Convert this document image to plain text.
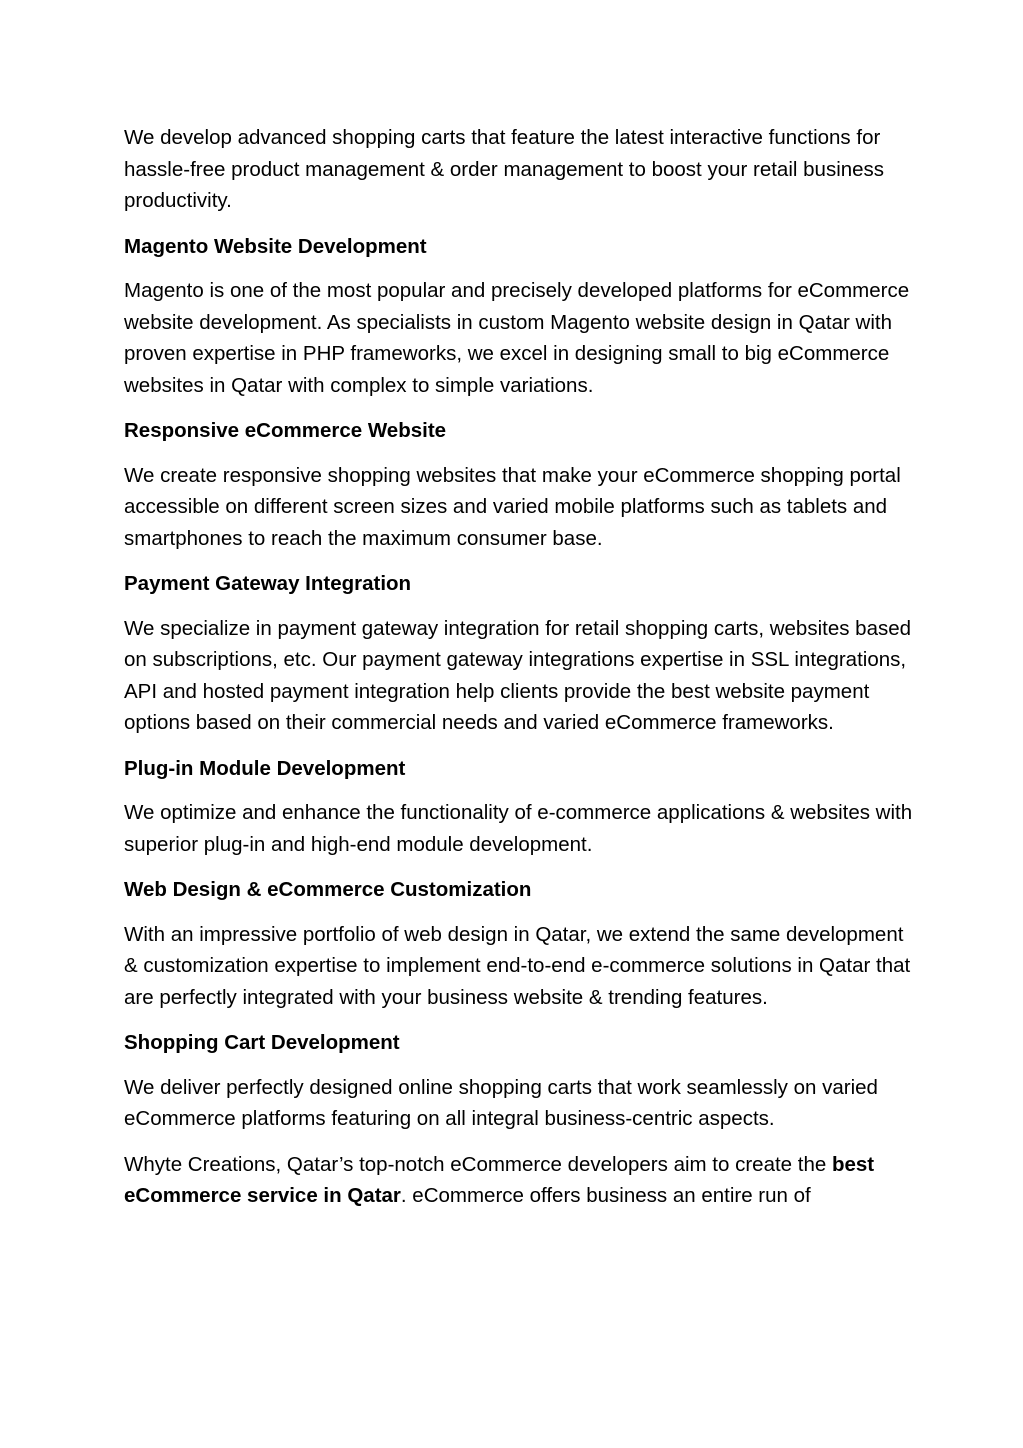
We develop advanced shopping carts that feature the latest interactive functions for hassle-free product management & order management to boost your retail business productivity.

Magento Website Development

Magento is one of the most popular and precisely developed platforms for eCommerce website development. As specialists in custom Magento website design in Qatar with proven expertise in PHP frameworks, we excel in designing small to big eCommerce websites in Qatar with complex to simple variations.

Responsive eCommerce Website

We create responsive shopping websites that make your eCommerce shopping portal accessible on different screen sizes and varied mobile platforms such as tablets and smartphones to reach the maximum consumer base.

Payment Gateway Integration

We specialize in payment gateway integration for retail shopping carts, websites based on subscriptions, etc. Our payment gateway integrations expertise in SSL integrations, API and hosted payment integration help clients provide the best website payment options based on their commercial needs and varied eCommerce frameworks.

Plug-in Module Development

We optimize and enhance the functionality of e-commerce applications & websites with superior plug-in and high-end module development.

Web Design & eCommerce Customization

With an impressive portfolio of web design in Qatar, we extend the same development & customization expertise to implement end-to-end e-commerce solutions in Qatar that are perfectly integrated with your business website & trending features.

Shopping Cart Development

We deliver perfectly designed online shopping carts that work seamlessly on varied eCommerce platforms featuring on all integral business-centric aspects.

Whyte Creations, Qatar’s top-notch eCommerce developers aim to create the best eCommerce service in Qatar. eCommerce offers business an entire run of
